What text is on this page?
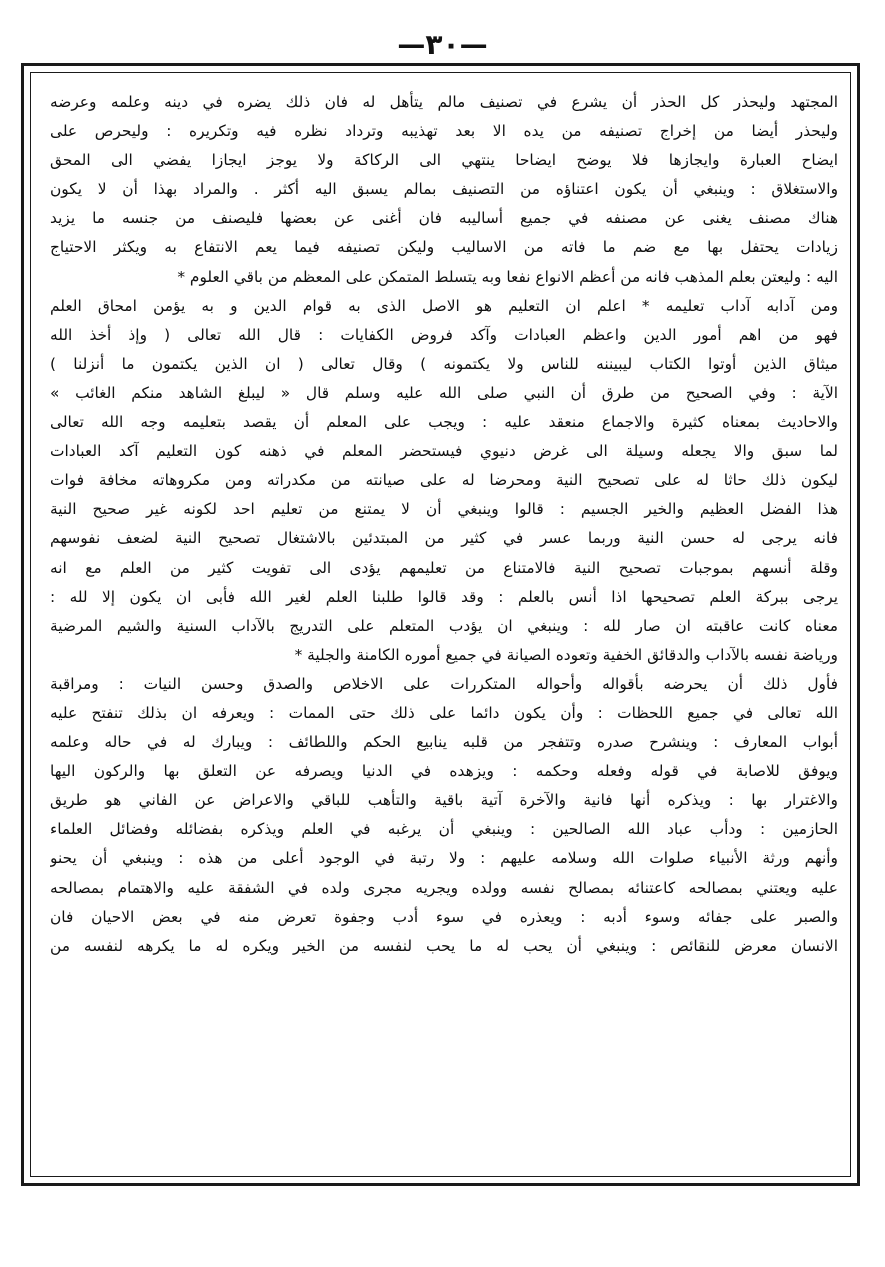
—٣٠—
المجتهد وليحذر كل الحذر أن يشرع في تصنيف مالم يتأهل له فان ذلك يضره في دينه وعلمه وعرضه
وليحذر أيضا من إخراج تصنيفه من يده الا بعد تهذيبه وترداد نظره فيه وتكريره : وليحرص على
ايضاح العبارة وايجازها فلا يوضح ايضاحا ينتهي الى الركاكة ولا يوجز ايجازا يفضي الى المحق
والاستغلاق : وينبغي أن يكون اعتناؤه من التصنيف بمالم يسبق اليه أكثر . والمراد بهذا أن لا يكون
هناك مصنف يغنى عن مصنفه في جميع أساليبه فان أغنى عن بعضها فليصنف من جنسه ما يزيد
زيادات يحتفل بها مع ضم ما فاته من الاساليب وليكن تصنيفه فيما يعم الانتفاع به ويكثر الاحتياج
اليه : وليعتن بعلم المذهب فانه من أعظم الانواع نفعا وبه يتسلط المتمكن على المعظم من باقي العلوم *
ومن آدابه آداب تعليمه * اعلم ان التعليم هو الاصل الذى به قوام الدين و به يؤمن امحاق العلم
فهو من اهم أمور الدين واعظم العبادات وآكد فروض الكفايات : قال الله تعالى ( وإذ أخذ الله
ميثاق الذين أوتوا الكتاب ليبيننه للناس ولا يكتمونه ) وقال تعالى ( ان الذين يكتمون ما أنزلنا )
الآية : وفي الصحيح من طرق أن النبي صلى الله عليه وسلم قال « ليبلغ الشاهد منكم الغائب »
والاحاديث بمعناه كثيرة والاجماع منعقد عليه : ويجب على المعلم أن يقصد بتعليمه وجه الله تعالى
لما سبق والا يجعله وسيلة الى غرض دنيوي فيستحضر المعلم في ذهنه كون التعليم آكد العبادات
ليكون ذلك حاثا له على تصحيح النية ومحرضا له على صيانته من مكدراته ومن مكروهاته مخافة فوات
هذا الفضل العظيم والخير الجسيم : قالوا وينبغي أن لا يمتنع من تعليم احد لكونه غير صحيح النية
فانه يرجى له حسن النية وربما عسر في كثير من المبتدئين بالاشتغال تصحيح النية لضعف نفوسهم
وقلة أنسهم بموجبات تصحيح النية فالامتناع من تعليمهم يؤدى الى تفويت كثير من العلم مع انه
يرجى ببركة العلم تصحيحها اذا أنس بالعلم : وقد قالوا طلبنا العلم لغير الله فأبى ان يكون إلا لله :
معناه كانت عاقبته ان صار لله : وينبغي ان يؤدب المتعلم على التدريج بالآداب السنية والشيم المرضية
ورياضة نفسه بالآداب والدقائق الخفية وتعوده الصيانة في جميع أموره الكامنة والجلية *
فأول ذلك أن يحرضه بأقواله وأحواله المتكررات على الاخلاص والصدق وحسن النيات : ومراقبة
الله تعالى في جميع اللحظات : وأن يكون دائما على ذلك حتى الممات : ويعرفه ان بذلك تنفتح عليه
أبواب المعارف : وينشرح صدره وتتفجر من قلبه ينابيع الحكم واللطائف : ويبارك له في حاله وعلمه
ويوفق للاصابة في قوله وفعله وحكمه : ويزهده في الدنيا ويصرفه عن التعلق بها والركون اليها
والاغترار بها : ويذكره أنها فانية والآخرة آتية باقية والتأهب للباقي والاعراض عن الفاني هو طريق
الحازمين : ودأب عباد الله الصالحين : وينبغي أن يرغبه في العلم ويذكره بفضائله وفضائل العلماء
وأنهم ورثة الأنبياء صلوات الله وسلامه عليهم : ولا رتبة في الوجود أعلى من هذه : وينبغي أن يحنو
عليه ويعتني بمصالحه كاعتنائه بمصالح نفسه وولده ويجريه مجرى ولده في الشفقة عليه والاهتمام بمصالحه
والصبر على جفائه وسوء أدبه : ويعذره في سوء أدب وجفوة تعرض منه في بعض الاحيان فان
الانسان معرض للنقائص : وينبغي أن يحب له ما يحب لنفسه من الخير ويكره له ما يكرهه لنفسه من
